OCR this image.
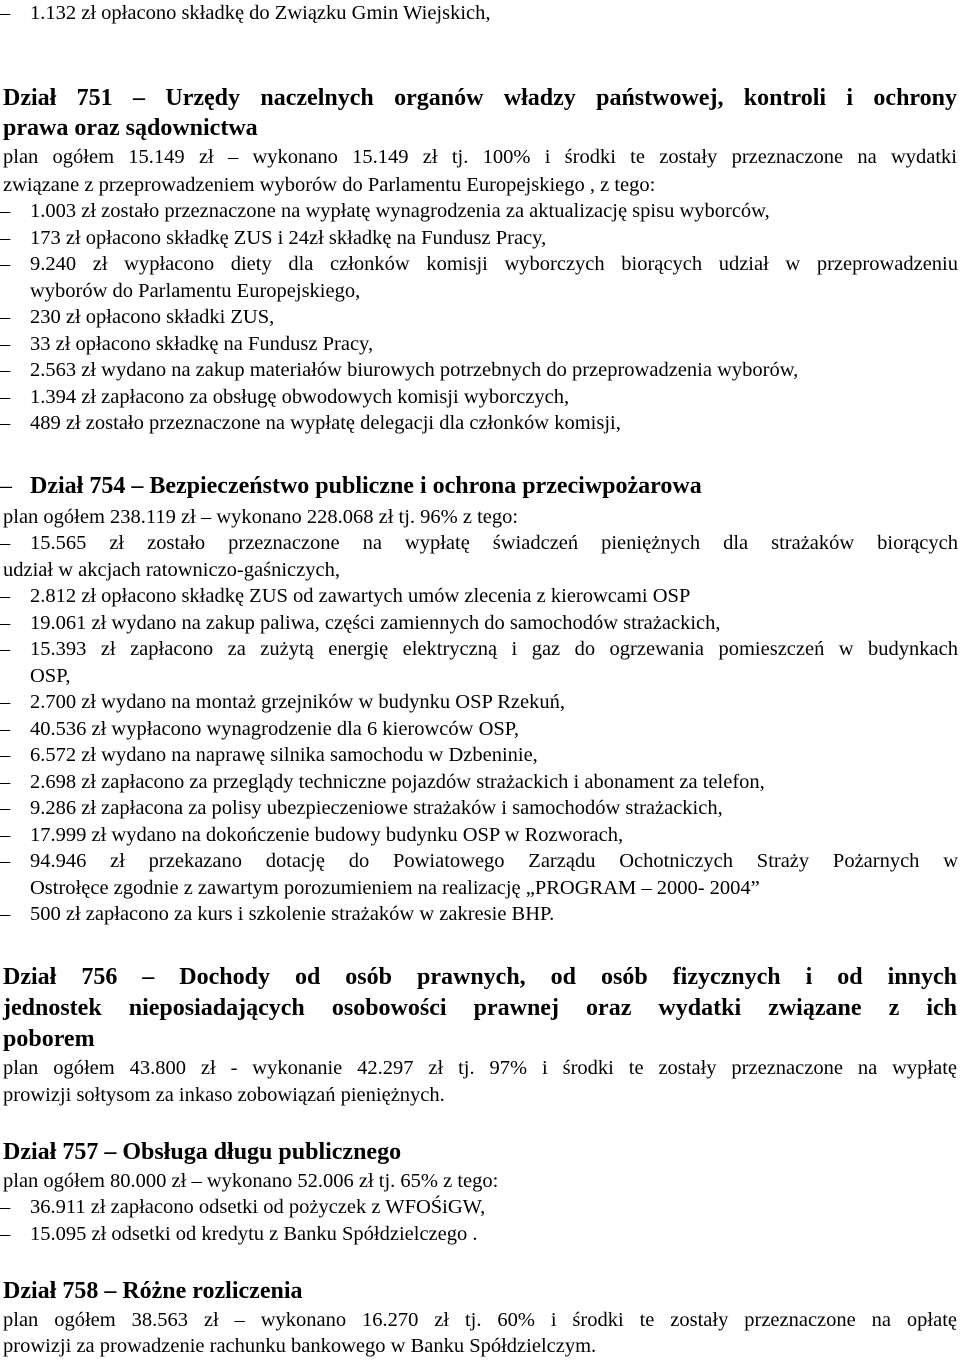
– 1.132 zł opłacono składkę do Związku Gmin Wiejskich,
Dział 751 – Urzędy naczelnych organów władzy państwowej, kontroli i ochrony
prawa oraz sądownictwa
plan ogółem 15.149 zł – wykonano 15.149 zł tj. 100% i środki te zostały przeznaczone na wydatki
związane z przeprowadzeniem wyborów do Parlamentu Europejskiego , z tego:
– 1.003 zł zostało przeznaczone na wypłatę wynagrodzenia za aktualizację spisu wyborców,
– 173 zł opłacono składkę ZUS i 24zł składkę na Fundusz Pracy,
– 9.240 zł wypłacono diety dla członków komisji wyborczych biorących udział w przeprowadzeniu
wyborów do Parlamentu Europejskiego,
– 230 zł opłacono składki ZUS,
– 33 zł opłacono składkę na Fundusz Pracy,
– 2.563 zł wydano na zakup materiałów biurowych potrzebnych do przeprowadzenia wyborów,
– 1.394 zł zapłacono za obsługę obwodowych komisji wyborczych,
– 489 zł zostało przeznaczone na wypłatę delegacji dla członków komisji,
– Dział 754 – Bezpieczeństwo publiczne i ochrona przeciwpożarowa
plan ogółem 238.119 zł – wykonano 228.068 zł tj. 96% z tego:
– 15.565 zł zostało przeznaczone na wypłatę świadczeń pieniężnych dla strażaków biorących
udział w akcjach ratowniczo-gaśniczych,
– 2.812 zł opłacono składkę ZUS od zawartych umów zlecenia z kierowcami OSP
– 19.061 zł wydano na zakup paliwa, części zamiennych do samochodów strażackich,
– 15.393 zł zapłacono za zużytą energię elektryczną i gaz do ogrzewania pomieszczeń w budynkach
OSP,
– 2.700 zł wydano na montaż grzejników w budynku OSP Rzekuń,
– 40.536 zł wypłacono wynagrodzenie dla 6 kierowców OSP,
– 6.572 zł wydano na naprawę silnika samochodu w Dzbeninie,
– 2.698 zł zapłacono za przeglądy techniczne pojazdów strażackich i abonament za telefon,
– 9.286 zł zapłacona za polisy ubezpieczeniowe strażaków i samochodów strażackich,
– 17.999 zł wydano na dokończenie budowy budynku OSP w Rozworach,
– 94.946 zł przekazano dotację do Powiatowego Zarządu Ochotniczych Straży Pożarnych w
Ostrołęce zgodnie z zawartym porozumieniem na realizację „PROGRAM – 2000- 2004”
– 500 zł zapłacono za kurs i szkolenie strażaków w zakresie BHP.
Dział 756 – Dochody od osób prawnych, od osób fizycznych i od innych
jednostek nieposiadających osobowości prawnej oraz wydatki związane z ich
poborem
plan ogółem 43.800 zł - wykonanie 42.297 zł tj. 97% i środki te zostały przeznaczone na wypłatę
prowizji sołtysom za inkaso zobowiązań pieniężnych.
Dział 757 – Obsługa długu publicznego
plan ogółem 80.000 zł – wykonano 52.006 zł tj. 65% z tego:
– 36.911 zł zapłacono odsetki od pożyczek z WFOŚiGW,
– 15.095 zł odsetki od kredytu z Banku Spółdzielczego .
Dział 758 – Różne rozliczenia
plan ogółem 38.563 zł – wykonano 16.270 zł tj. 60% i środki te zostały przeznaczone na opłatę
prowizji za prowadzenie rachunku bankowego w Banku Spółdzielczym.
